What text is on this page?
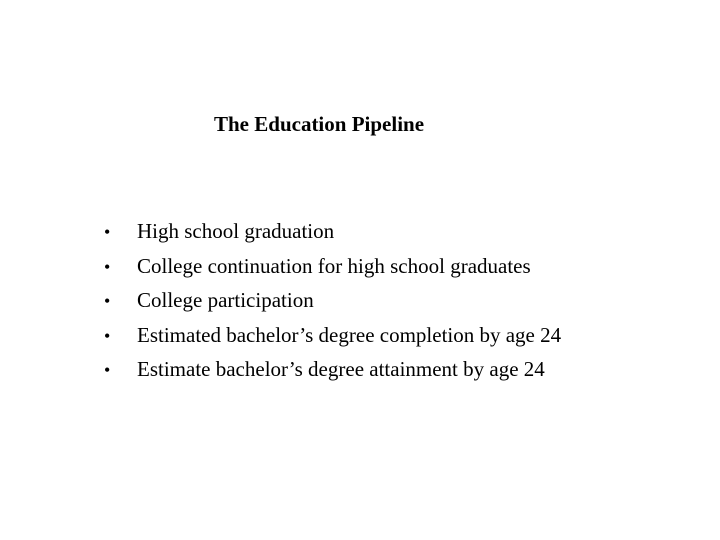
The Education Pipeline
•	High school graduation
•	College continuation for high school graduates
•	College participation
•	Estimated bachelor’s degree completion by age 24
•	Estimate bachelor’s degree attainment by age 24
